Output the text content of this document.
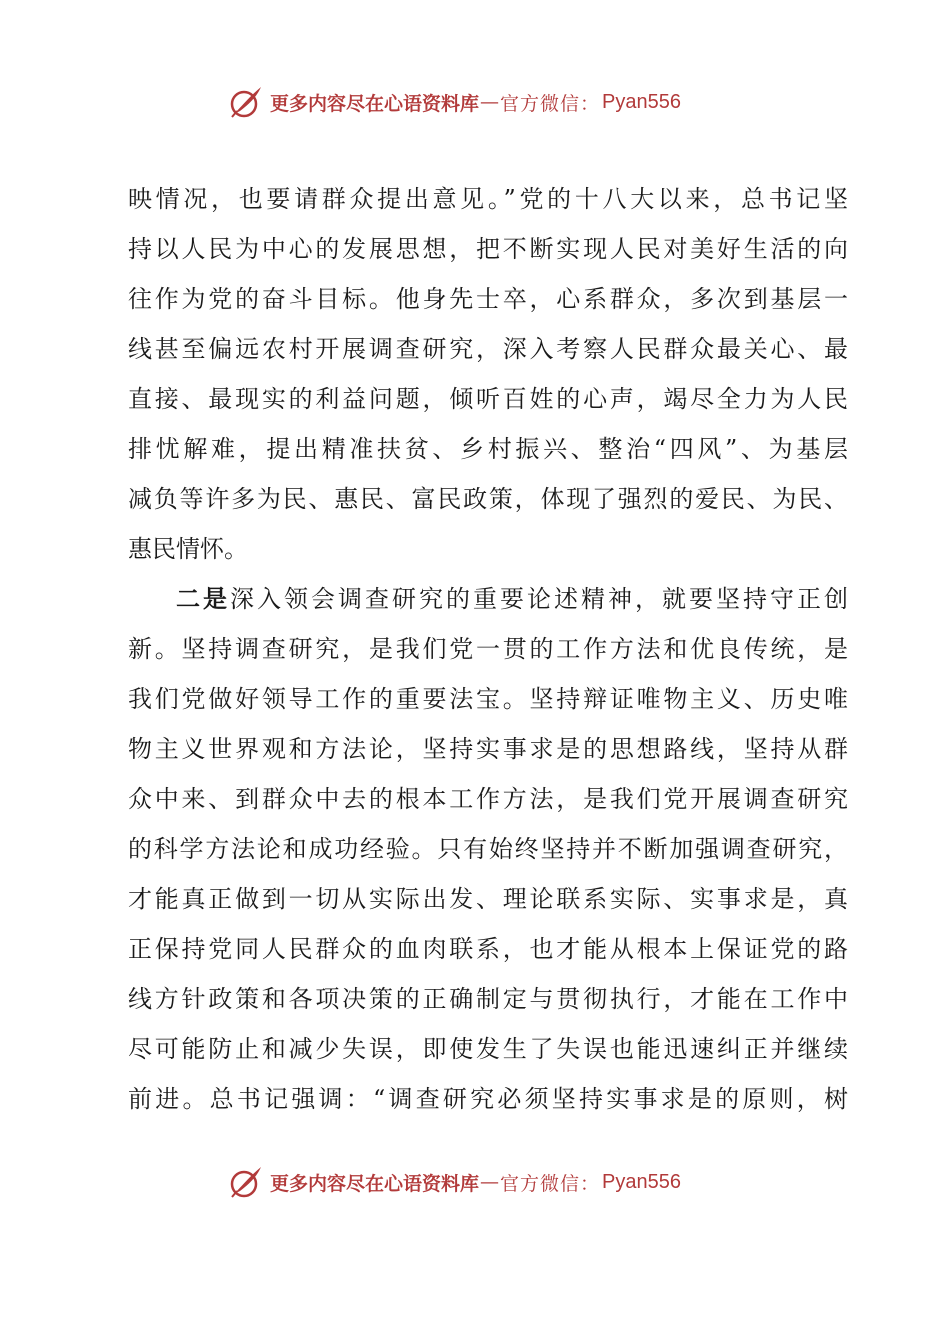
更多内容尽在心语资料库 — 官方微信： Pyan556
映情况，也要请群众提出意见。”党的十八大以来，总书记坚
持以人民为中心的发展思想，把不断实现人民对美好生活的向
往作为党的奋斗目标。他身先士卒，心系群众，多次到基层一
线甚至偏远农村开展调查研究，深入考察人民群众最关心、最
直接、最现实的利益问题，倾听百姓的心声，竭尽全力为人民
排忧解难，提出精准扶贫、乡村振兴、整治“四风”、为基层
减负等许多为民、惠民、富民政策，体现了强烈的爱民、为民、
惠民情怀。
二是深入领会调查研究的重要论述精神，就要坚持守正创
新。坚持调查研究，是我们党一贯的工作方法和优良传统，是
我们党做好领导工作的重要法宝。坚持辩证唯物主义、历史唯
物主义世界观和方法论，坚持实事求是的思想路线，坚持从群
众中来、到群众中去的根本工作方法，是我们党开展调查研究
的科学方法论和成功经验。只有始终坚持并不断加强调查研究，
才能真正做到一切从实际出发、理论联系实际、实事求是，真
正保持党同人民群众的血肉联系，也才能从根本上保证党的路
线方针政策和各项决策的正确制定与贯彻执行，才能在工作中
尽可能防止和减少失误，即使发生了失误也能迅速纠正并继续
前进。总书记强调：“调查研究必须坚持实事求是的原则，树
更多内容尽在心语资料库 — 官方微信： Pyan556
